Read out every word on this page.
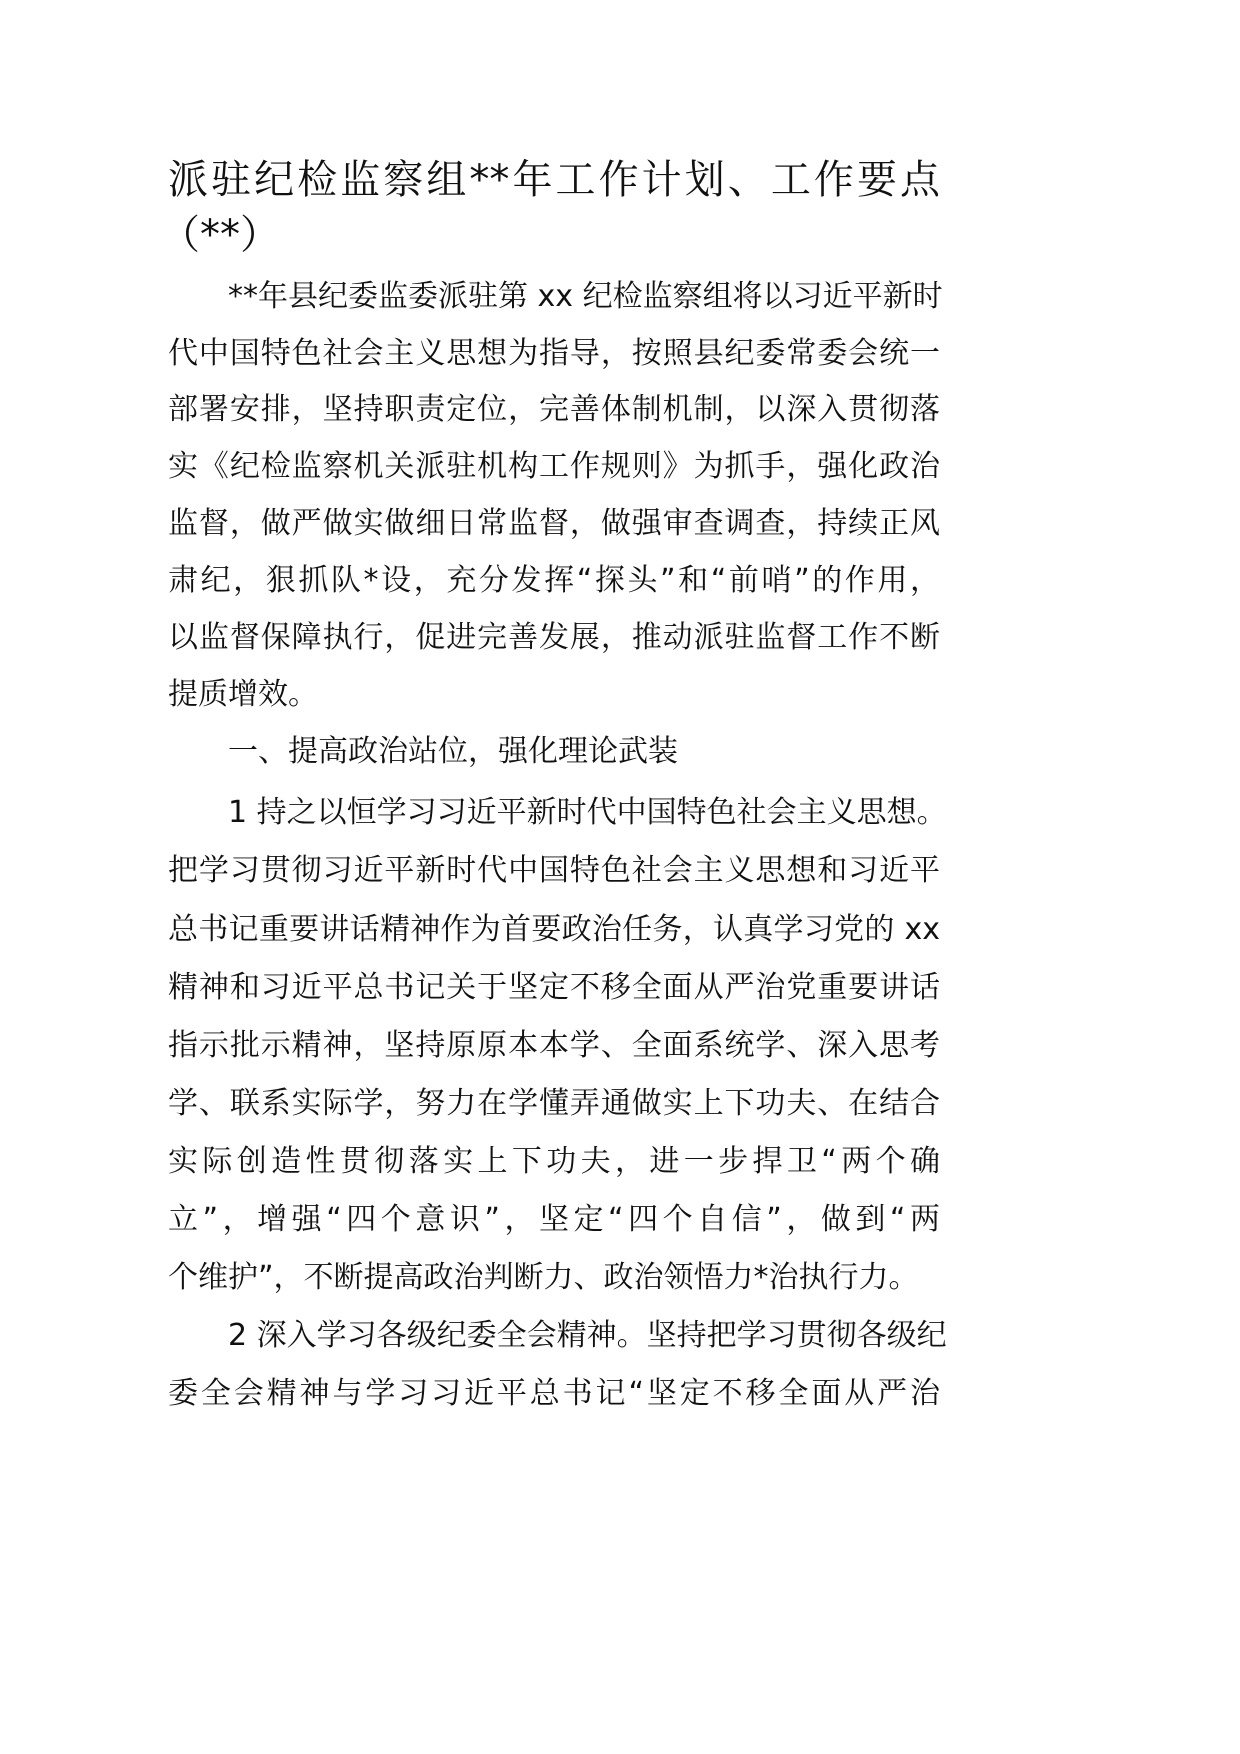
派驻纪检监察组**年工作计划、工作要点
（**）
**年县纪委监委派驻第 xx 纪检监察组将以习近平新时
代中国特色社会主义思想为指导，按照县纪委常委会统一
部署安排，坚持职责定位，完善体制机制，以深入贯彻落
实《纪检监察机关派驻机构工作规则》为抓手，强化政治
监督，做严做实做细日常监督，做强审查调查，持续正风
肃纪，狠抓队*设，充分发挥“探头”和“前哨”的作用，
以监督保障执行，促进完善发展，推动派驻监督工作不断
提质增效。
一、提高政治站位，强化理论武装
1 持之以恒学习习近平新时代中国特色社会主义思想。
把学习贯彻习近平新时代中国特色社会主义思想和习近平
总书记重要讲话精神作为首要政治任务，认真学习党的 xx
精神和习近平总书记关于坚定不移全面从严治党重要讲话
指示批示精神，坚持原原本本学、全面系统学、深入思考
学、联系实际学，努力在学懂弄通做实上下功夫、在结合
实际创造性贯彻落实上下功夫，进一步捍卫“两个确
立”，增强“四个意识”，坚定“四个自信”，做到“两
个维护”，不断提高政治判断力、政治领悟力*治执行力。
2 深入学习各级纪委全会精神。坚持把学习贯彻各级纪
委全会精神与学习习近平总书记“坚定不移全面从严治
